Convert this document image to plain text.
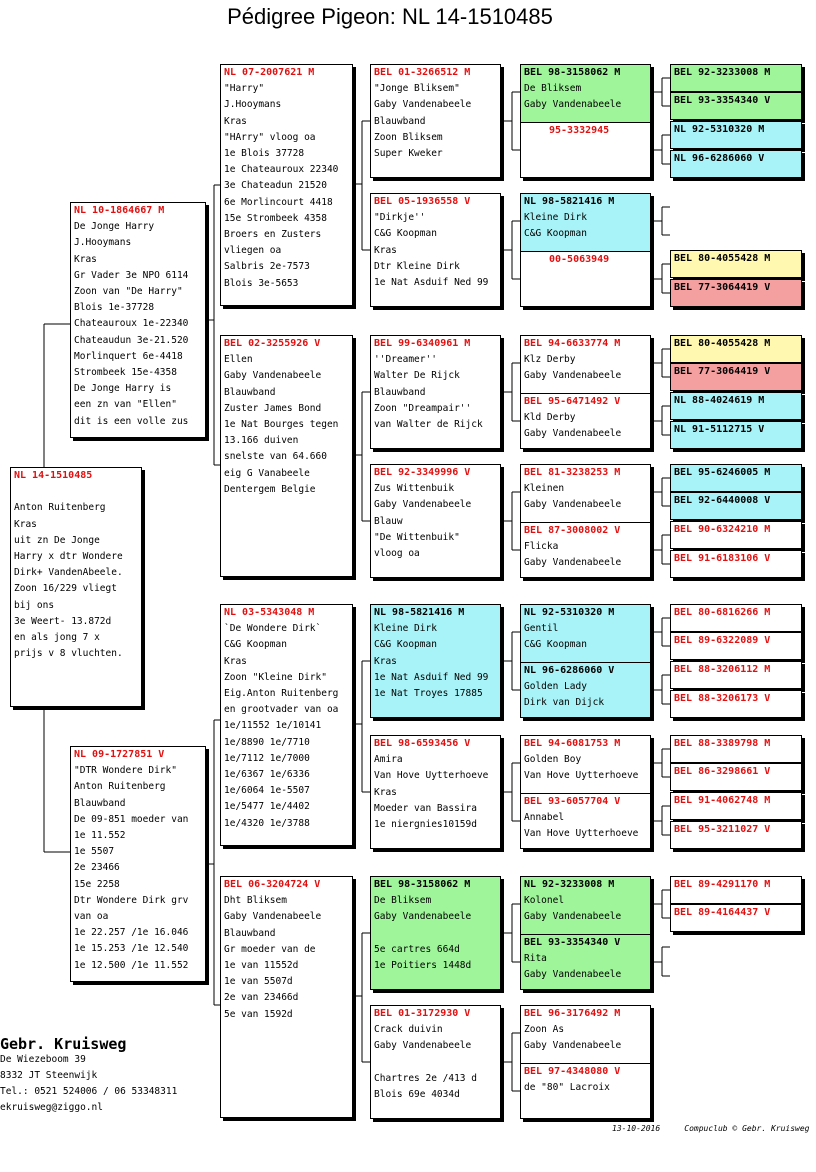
Pédigree Pigeon: NL 14-1510485
NL 14-1510485

Anton Ruitenberg
Kras
uit zn De Jonge
Harry x dtr Wondere
Dirk+ VandenAbeele.
Zoon 16/229 vliegt
bij ons
3e Weert- 13.872d
en als jong 7 x
prijs v 8 vluchten.
NL 10-1864667 M
De Jonge Harry
J.Hooymans
Kras
Gr Vader 3e NPO 6114
Zoon van "De Harry"
Blois 1e-37728
Chateauroux 1e-22340
Chateaudun 3e-21.520
Morlinquert 6e-4418
Strombeek 15e-4358
De Jonge Harry is
een zn van "Ellen"
dit is een volle zus
NL 09-1727851 V
"DTR Wondere Dirk"
Anton Ruitenberg
Blauwband
De 09-851 moeder van
1e 11.552
1e 5507
2e 23466
15e 2258
Dtr Wondere Dirk grv
van oa
1e 22.257 /1e 16.046
1e 15.253 /1e 12.540
1e 12.500 /1e 11.552
NL 07-2007621 M
"Harry"
J.Hooymans
Kras
"HArry" vloog oa
1e Blois 37728
1e Chateauroux 22340
3e Chateadun 21520
6e Morlincourt 4418
15e Strombeek 4358
Broers en Zusters
vliegen oa
Salbris 2e-7573
Blois 3e-5653
BEL 02-3255926 V
Ellen
Gaby Vandenabeele
Blauwband
Zuster James Bond
1e Nat Bourges tegen
13.166 duiven
snelste van 64.660
eig G Vanabeele
Dentergem Belgie
NL 03-5343048 M
`De Wondere Dirk`
C&G Koopman
Kras
Zoon "Kleine Dirk"
Eig.Anton Ruitenberg
en grootvader van oa
1e/11552 1e/10141
1e/8890 1e/7710
1e/7112 1e/7000
1e/6367 1e/6336
1e/6064 1e-5507
1e/5477 1e/4402
1e/4320 1e/3788
BEL 06-3204724 V
Dht Bliksem
Gaby Vandenabeele
Blauwband
Gr moeder van de
1e van 11552d
1e van 5507d
2e van 23466d
5e van 1592d
BEL 01-3266512 M
"Jonge Bliksem"
Gaby Vandenabeele
Blauwband
Zoon Bliksem
Super Kweker
BEL 05-1936558 V
"Dirkje''
C&G Koopman
Kras
Dtr Kleine Dirk
1e Nat Asduif Ned 99
BEL 99-6340961 M
''Dreamer''
Walter De Rijck
Blauwband
Zoon "Dreampair''
van Walter de Rijck
BEL 92-3349996 V
Zus Wittenbuik
Gaby Vandenabeele
Blauw
"De Wittenbuik"
vloog oa
NL 98-5821416 M
Kleine Dirk
C&G Koopman
Kras
1e Nat Asduif Ned 99
1e Nat Troyes 17885
BEL 98-6593456 V
Amira
Van Hove Uytterhoeve
Kras
Moeder van Bassira
1e niergnies10159d
BEL 98-3158062 M
De Bliksem
Gaby Vandenabeele

5e cartres 664d
1e Poitiers 1448d
BEL 01-3172930 V
Crack duivin
Gaby Vandenabeele

Chartres 2e /413 d
Blois 69e 4034d
BEL 98-3158062 M
De Bliksem
Gaby Vandenabeele
95-3332945
NL 98-5821416 M
Kleine Dirk
C&G Koopman
00-5063949
BEL 94-6633774 M
Klz Derby
Gaby Vandenabeele
BEL 95-6471492 V
Kld Derby
Gaby Vandenabeele
BEL 81-3238253 M
Kleinen
Gaby Vandenabeele
BEL 87-3008002 V
Flicka
Gaby Vandenabeele
NL 92-5310320 M
Gentil
C&G Koopman
NL 96-6286060 V
Golden Lady
Dirk van Dijck
BEL 94-6081753 M
Golden Boy
Van Hove Uytterhoeve
BEL 93-6057704 V
Annabel
Van Hove Uytterhoeve
NL 92-3233008 M
Kolonel
Gaby Vandenabeele
BEL 93-3354340 V
Rita
Gaby Vandenabeele
BEL 96-3176492 M
Zoon As
Gaby Vandenabeele
BEL 97-4348080 V
de "80" Lacroix
BEL 92-3233008 M
BEL 93-3354340 V
NL 92-5310320 M
NL 96-6286060 V
BEL 80-4055428 M
BEL 77-3064419 V
BEL 80-4055428 M
BEL 77-3064419 V
NL 88-4024619 M
NL 91-5112715 V
BEL 95-6246005 M
BEL 92-6440008 V
BEL 90-6324210 M
BEL 91-6183106 V
BEL 80-6816266 M
BEL 89-6322089 V
BEL 88-3206112 M
BEL 88-3206173 V
BEL 88-3389798 M
BEL 86-3298661 V
BEL 91-4062748 M
BEL 95-3211027 V
BEL 89-4291170 M
BEL 89-4164437 V
Gebr. Kruisweg
De Wiezeboom 39
8332 JT Steenwijk
Tel.: 0521 524006 / 06 53348311
ekruisweg@ziggo.nl
13-10-2016	Compuclub © Gebr. Kruisweg
